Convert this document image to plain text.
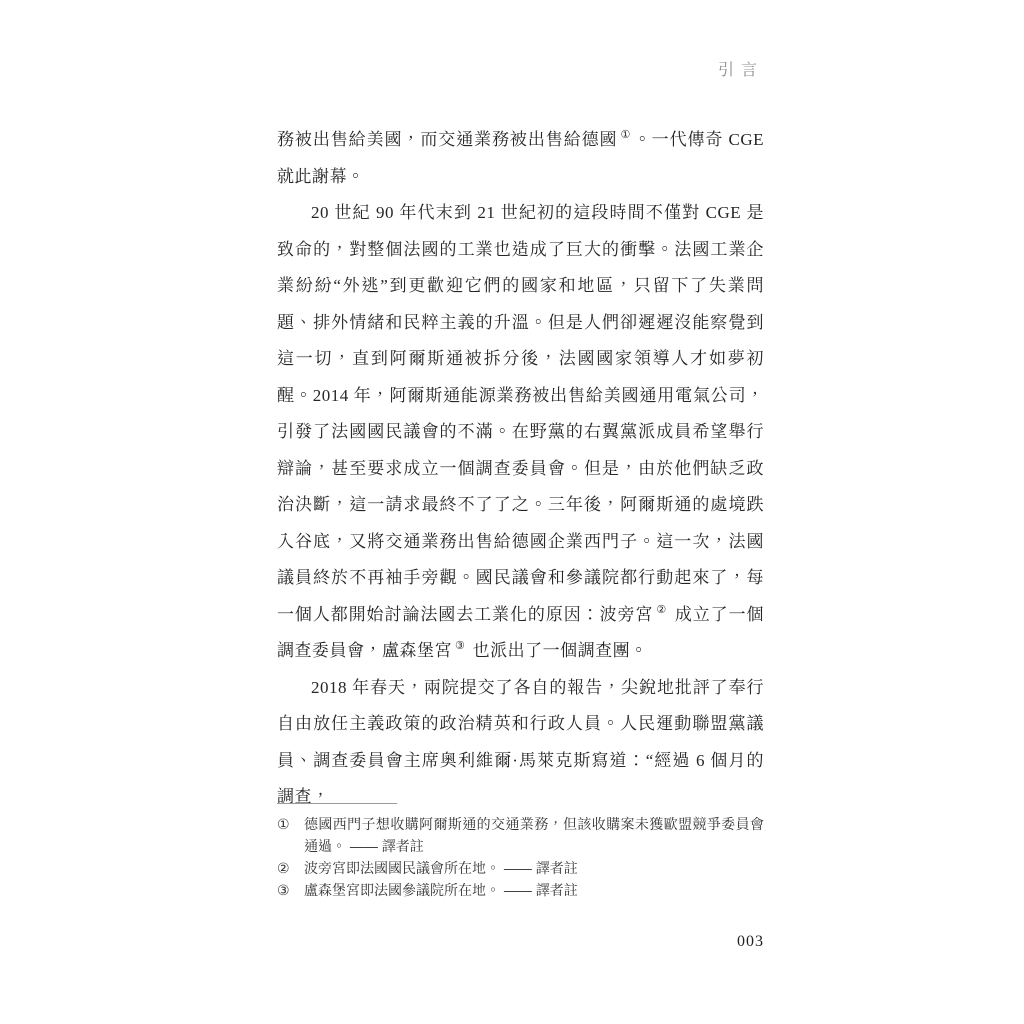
引言

務被出售給美國，而交通業務被出售給德國 ① 。一代傳奇 CGE 就此謝幕。

20 世紀 90 年代末到 21 世紀初的這段時間不僅對 CGE 是致命的，對整個法國的工業也造成了巨大的衝擊。法國工業企業紛紛“外逃”到更歡迎它們的國家和地區，只留下了失業問題、排外情緒和民粹主義的升溫。但是人們卻遲遲沒能察覺到這一切，直到阿爾斯通被拆分後，法國國家領導人才如夢初醒。2014 年，阿爾斯通能源業務被出售給美國通用電氣公司，引發了法國國民議會的不滿。在野黨的右翼黨派成員希望舉行辯論，甚至要求成立一個調查委員會。但是，由於他們缺乏政治決斷，這一請求最終不了了之。三年後，阿爾斯通的處境跌入谷底，又將交通業務出售給德國企業西門子。這一次，法國議員終於不再袖手旁觀。國民議會和參議院都行動起來了，每一個人都開始討論法國去工業化的原因：波旁宮 ② 成立了一個調查委員會，盧森堡宮 ③ 也派出了一個調查團。

2018 年春天，兩院提交了各自的報告，尖銳地批評了奉行自由放任主義政策的政治精英和行政人員。人民運動聯盟黨議員、調查委員會主席奧利維爾·馬萊克斯寫道：“經過 6 個月的調查，

①	德國西門子想收購阿爾斯通的交通業務，但該收購案未獲歐盟競爭委員會通過。 —— 譯者註
②	波旁宮即法國國民議會所在地。 —— 譯者註
③	盧森堡宮即法國參議院所在地。 —— 譯者註
003
